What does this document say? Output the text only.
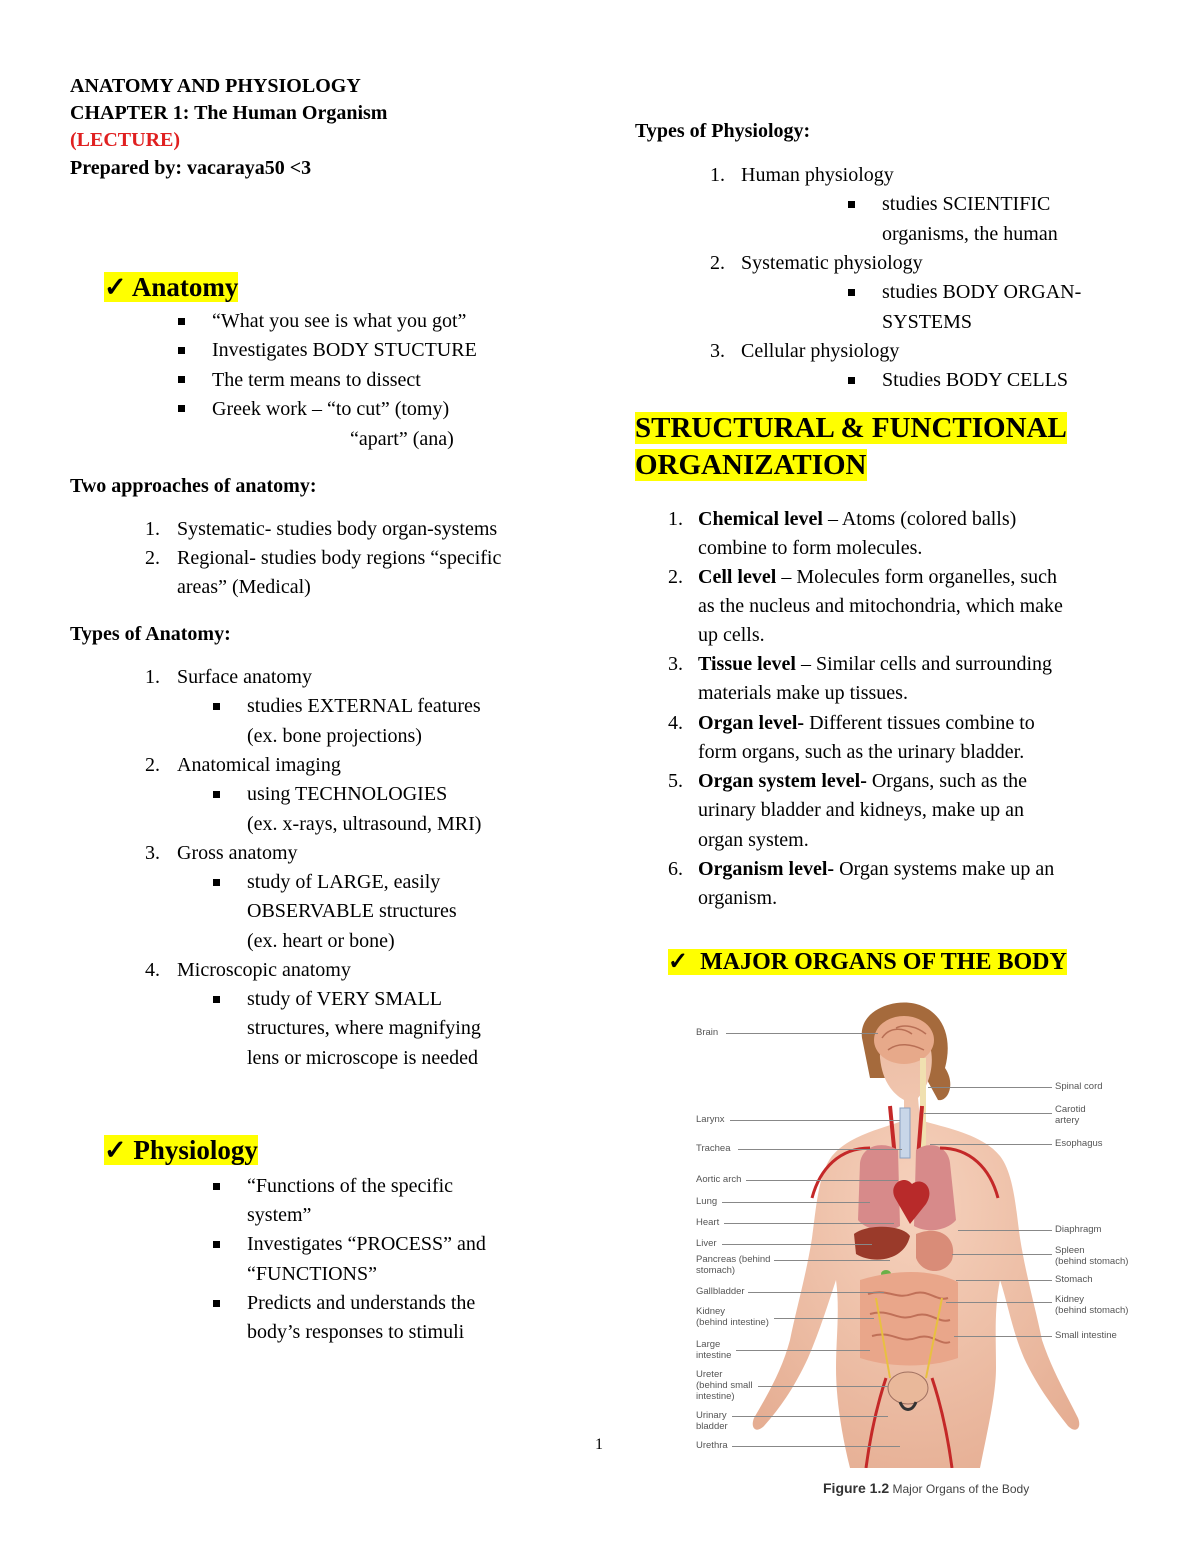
ANATOMY AND PHYSIOLOGY
CHAPTER 1: The Human Organism
(LECTURE)
Prepared by: vacaraya50 <3
✓ Anatomy
“What you see is what you got”
Investigates BODY STUCTURE
The term means to dissect
Greek work – “to cut” (tomy)
“apart” (ana)
Two approaches of anatomy:
1. Systematic- studies body organ-systems
2. Regional- studies body regions “specific
areas” (Medical)
Types of Anatomy:
1. Surface anatomy
studies EXTERNAL features
(ex. bone projections)
2. Anatomical imaging
using TECHNOLOGIES
(ex. x-rays, ultrasound, MRI)
3. Gross anatomy
study of LARGE, easily
OBSERVABLE structures
(ex. heart or bone)
4. Microscopic anatomy
study of VERY SMALL
structures, where magnifying
lens or microscope is needed
✓ Physiology
“Functions of the specific
system”
Investigates “PROCESS” and
“FUNCTIONS”
Predicts and understands the
body’s responses to stimuli
Types of Physiology:
1. Human physiology
studies SCIENTIFIC
organisms, the human
2. Systematic physiology
studies BODY ORGAN-
SYSTEMS
3. Cellular physiology
Studies BODY CELLS
STRUCTURAL & FUNCTIONAL
ORGANIZATION
1. Chemical level – Atoms (colored balls)
combine to form molecules.
2. Cell level – Molecules form organelles, such
as the nucleus and mitochondria, which make
up cells.
3. Tissue level – Similar cells and surrounding
materials make up tissues.
4. Organ level- Different tissues combine to
form organs, such as the urinary bladder.
5. Organ system level- Organs, such as the
urinary bladder and kidneys, make up an
organ system.
6. Organism level- Organ systems make up an
organism.
✓  MAJOR ORGANS OF THE BODY
Brain
Larynx
Trachea
Aortic arch
Lung
Heart
Liver
Pancreas (behind
stomach)
Gallbladder
Kidney
(behind intestine)
Large
intestine
Ureter
(behind small
intestine)
Urinary
bladder
Urethra
Spinal cord
Carotid
artery
Esophagus
Diaphragm
Spleen
(behind stomach)
Stomach
Kidney
(behind stomach)
Small intestine
Figure 1.2 Major Organs of the Body
1
